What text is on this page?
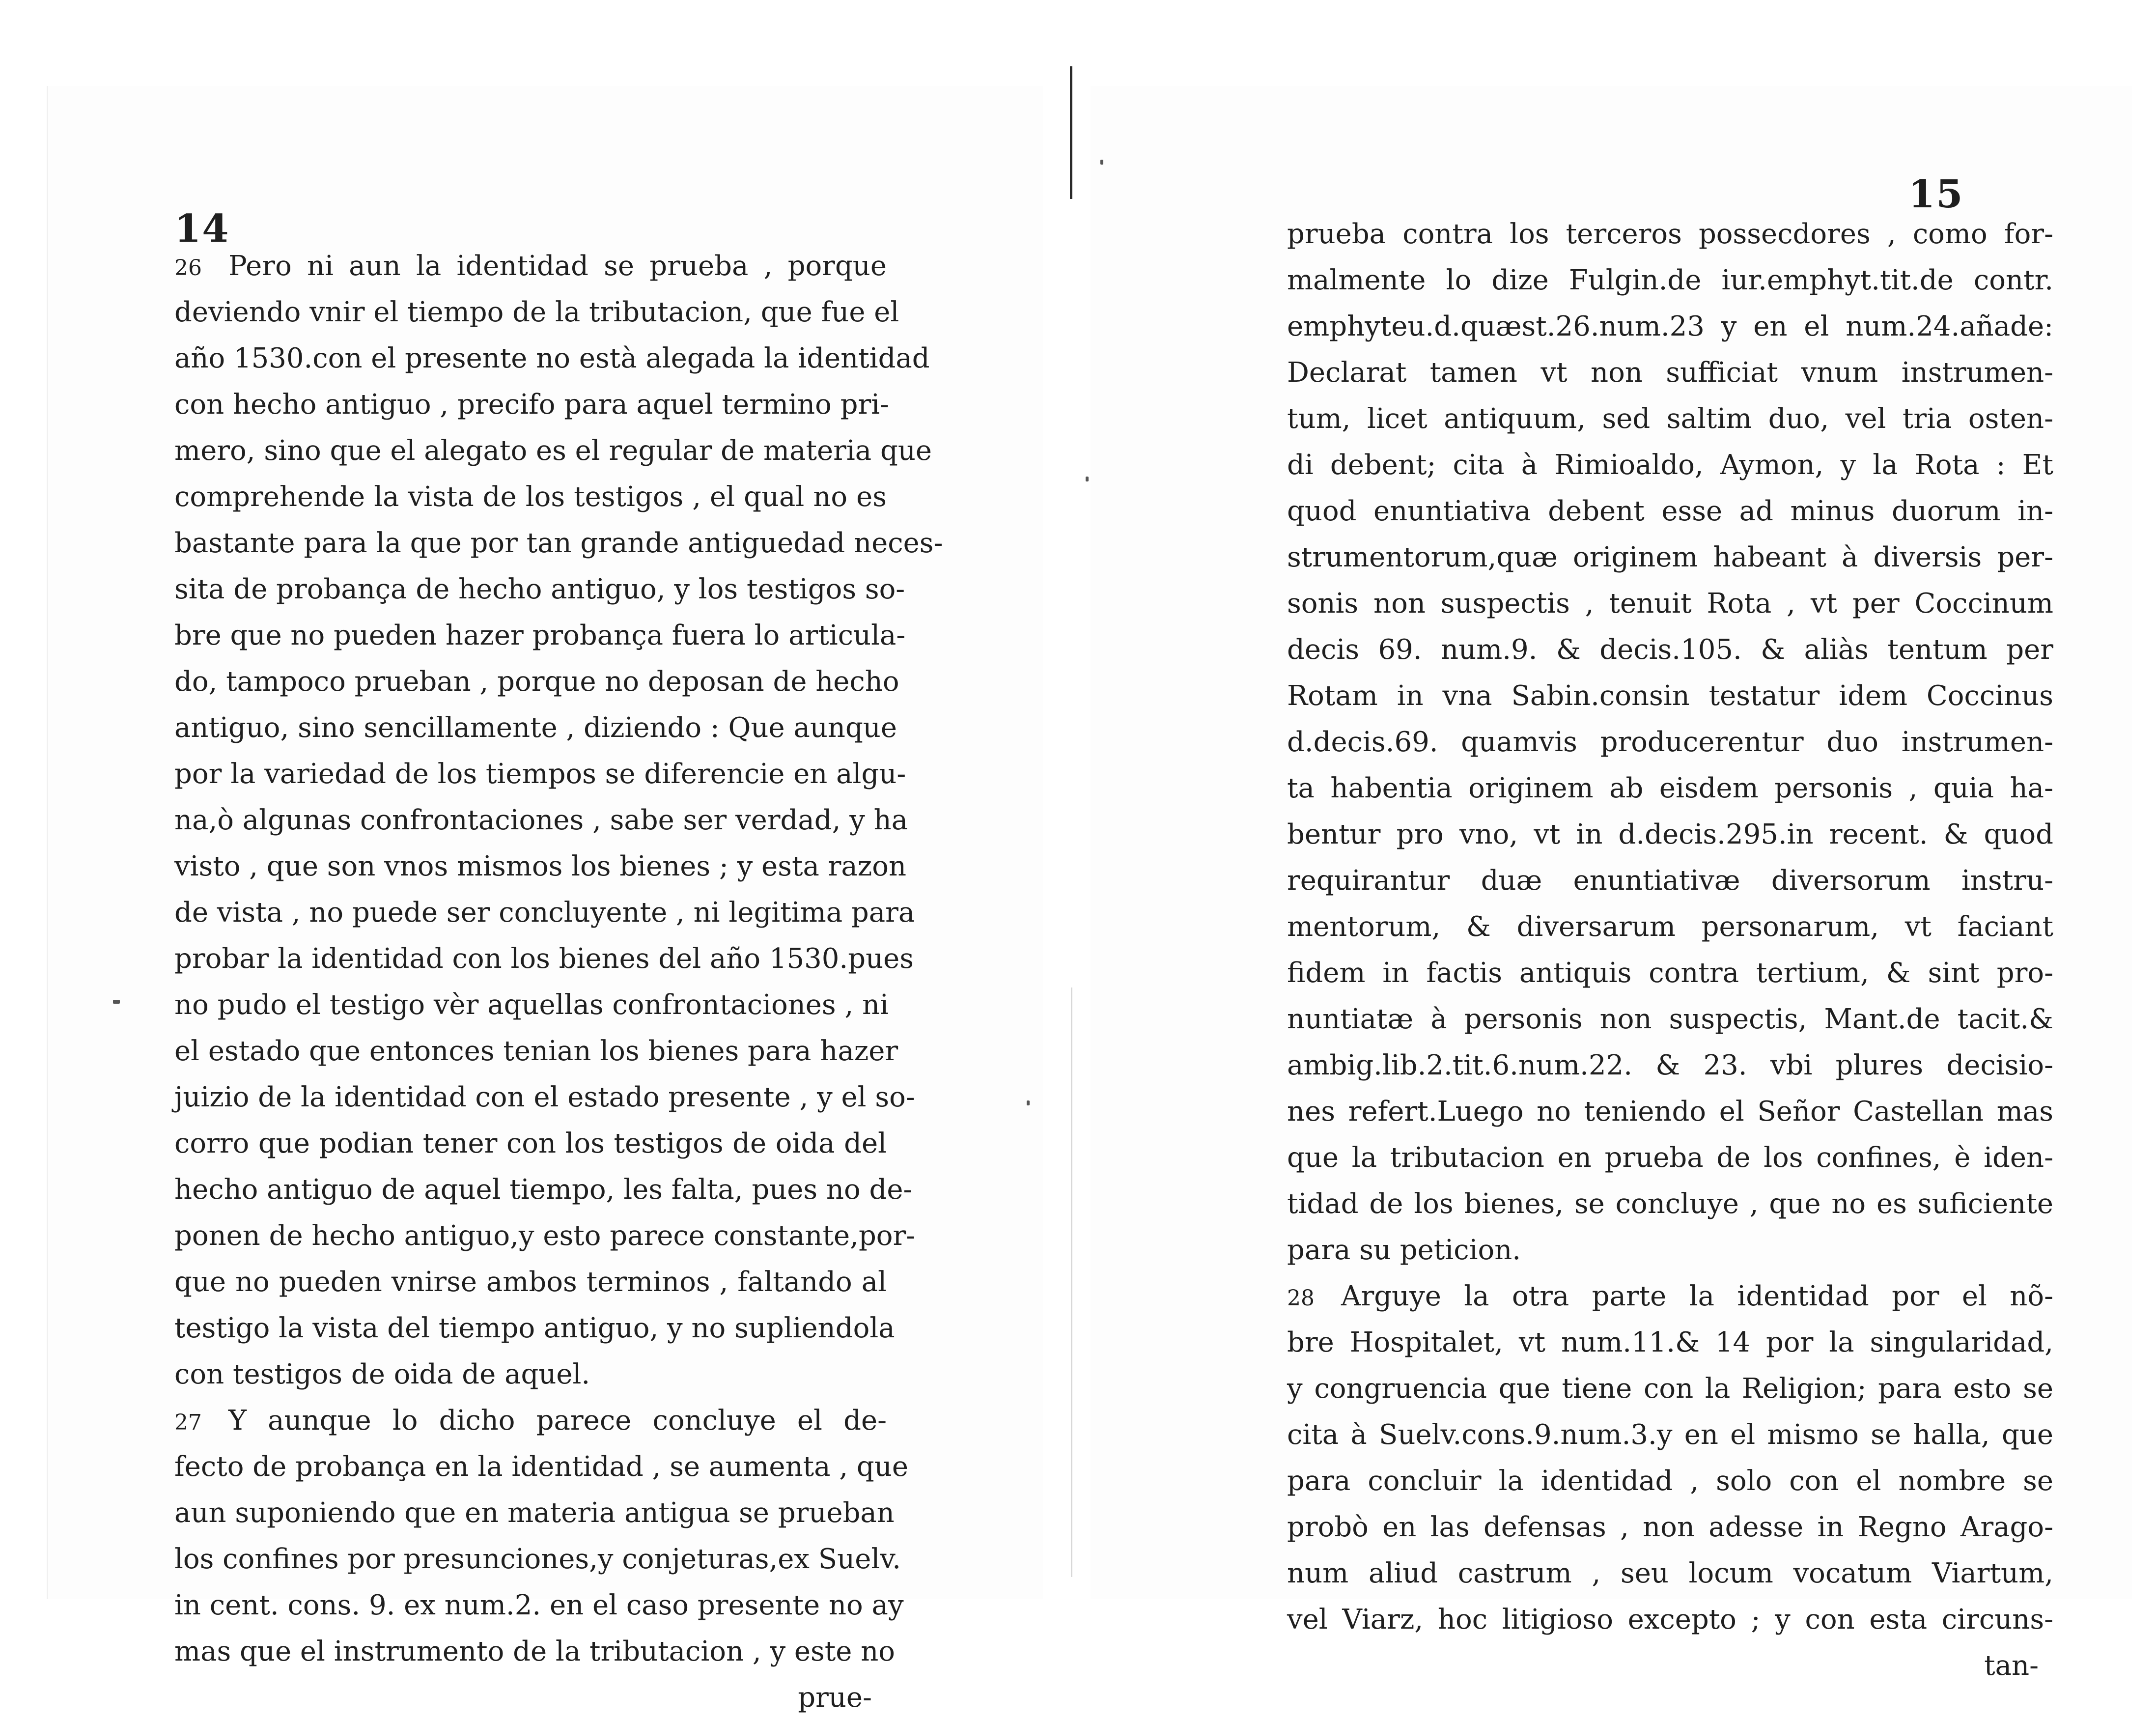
14
15
26 Pero ni aun la identidad se prueba , porque
deviendo vnir el tiempo de la tributacion, que fue el
año 1530.con el presente no està alegada la identidad
con hecho antiguo , precifo para aquel termino pri-
mero, sino que el alegato es el regular de materia que
comprehende la vista de los testigos , el qual no es
bastante para la que por tan grande antiguedad neces-
sita de probança de hecho antiguo, y los testigos so-
bre que no pueden hazer probança fuera lo articula-
do, tampoco prueban , porque no deposan de hecho
antiguo, sino sencillamente , diziendo : Que aunque
por la variedad de los tiempos se diferencie en algu-
na,ò algunas confrontaciones , sabe ser verdad, y ha
visto , que son vnos mismos los bienes ; y esta razon
de vista , no puede ser concluyente , ni legitima para
probar la identidad con los bienes del año 1530.pues
no pudo el testigo vèr aquellas confrontaciones , ni
el estado que entonces tenian los bienes para hazer
juizio de la identidad con el estado presente , y el so-
corro que podian tener con los testigos de oida del
hecho antiguo de aquel tiempo, les falta, pues no de-
ponen de hecho antiguo,y esto parece constante,por-
que no pueden vnirse ambos terminos , faltando al
testigo la vista del tiempo antiguo, y no supliendola
con testigos de oida de aquel.
27 Y aunque lo dicho parece concluye el de-
fecto de probança en la identidad , se aumenta , que
aun suponiendo que en materia antigua se prueban
los confines por presunciones,y conjeturas,ex Suelv.
in cent. cons. 9. ex num.2. en el caso presente no ay
mas que el instrumento de la tributacion , y este no
prue-
prueba contra los terceros possecdores , como for-
malmente lo dize Fulgin.de iur.emphyt.tit.de contr.
emphyteu.d.quæst.26.num.23 y en el num.24.añade:
Declarat tamen vt non sufficiat vnum instrumen-
tum, licet antiquum, sed saltim duo, vel tria osten-
di debent; cita à Rimioaldo, Aymon, y la Rota : Et
quod enuntiativa debent esse ad minus duorum in-
strumentorum,quæ originem habeant à diversis per-
sonis non suspectis , tenuit Rota , vt per Coccinum
decis 69. num.9. & decis.105. & aliàs tentum per
Rotam in vna Sabin.consin testatur idem Coccinus
d.decis.69. quamvis producerentur duo instrumen-
ta habentia originem ab eisdem personis , quia ha-
bentur pro vno, vt in d.decis.295.in recent. & quod
requirantur duæ enuntiativæ diversorum instru-
mentorum, & diversarum personarum, vt faciant
fidem in factis antiquis contra tertium, & sint pro-
nuntiatæ à personis non suspectis, Mant.de tacit.&
ambig.lib.2.tit.6.num.22. & 23. vbi plures decisio-
nes refert.Luego no teniendo el Señor Castellan mas
que la tributacion en prueba de los confines, è iden-
tidad de los bienes, se concluye , que no es suficiente
para su peticion.
28 Arguye la otra parte la identidad por el nõ-
bre Hospitalet, vt num.11.& 14 por la singularidad,
y congruencia que tiene con la Religion; para esto se
cita à Suelv.cons.9.num.3.y en el mismo se halla, que
para concluir la identidad , solo con el nombre se
probò en las defensas , non adesse in Regno Arago-
num aliud castrum , seu locum vocatum Viartum,
vel Viarz, hoc litigioso excepto ; y con esta circuns-
tan-
